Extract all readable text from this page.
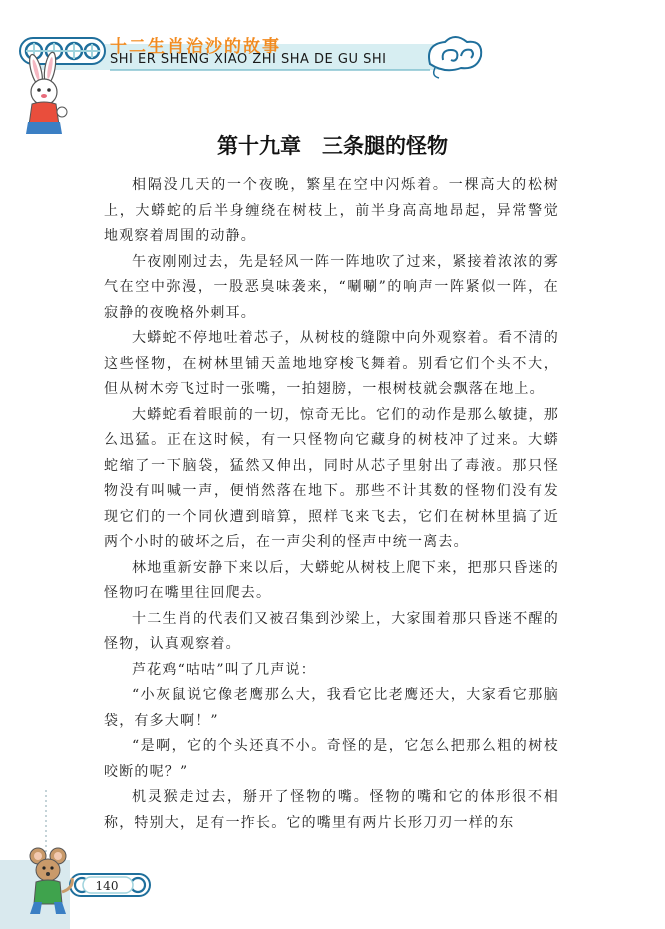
十二生肖治沙的故事
SHI ER SHENG XIAO ZHI SHA DE GU SHI
第十九章　三条腿的怪物

相隔没几天的一个夜晚，繁星在空中闪烁着。一棵高大的松树上，大蟒蛇的后半身缠绕在树枝上，前半身高高地昂起，异常警觉地观察着周围的动静。

午夜刚刚过去，先是轻风一阵一阵地吹了过来，紧接着浓浓的雾气在空中弥漫，一股恶臭味袭来，“唰唰”的响声一阵紧似一阵，在寂静的夜晚格外刺耳。

大蟒蛇不停地吐着芯子，从树枝的缝隙中向外观察着。看不清的这些怪物，在树林里铺天盖地地穿梭飞舞着。别看它们个头不大，但从树木旁飞过时一张嘴，一拍翅膀，一根树枝就会飘落在地上。

大蟒蛇看着眼前的一切，惊奇无比。它们的动作是那么敏捷，那么迅猛。正在这时候，有一只怪物向它藏身的树枝冲了过来。大蟒蛇缩了一下脑袋，猛然又伸出，同时从芯子里射出了毒液。那只怪物没有叫喊一声，便悄然落在地下。那些不计其数的怪物们没有发现它们的一个同伙遭到暗算，照样飞来飞去，它们在树林里搞了近两个小时的破坏之后，在一声尖利的怪声中统一离去。

林地重新安静下来以后，大蟒蛇从树枝上爬下来，把那只昏迷的怪物叼在嘴里往回爬去。

十二生肖的代表们又被召集到沙梁上，大家围着那只昏迷不醒的怪物，认真观察着。

芦花鸡“咕咕”叫了几声说：

“小灰鼠说它像老鹰那么大，我看它比老鹰还大，大家看它那脑袋，有多大啊！”

“是啊，它的个头还真不小。奇怪的是，它怎么把那么粗的树枝咬断的呢？”

机灵猴走过去，掰开了怪物的嘴。怪物的嘴和它的体形很不相称，特别大，足有一拃长。它的嘴里有两片长形刀刃一样的东

140
